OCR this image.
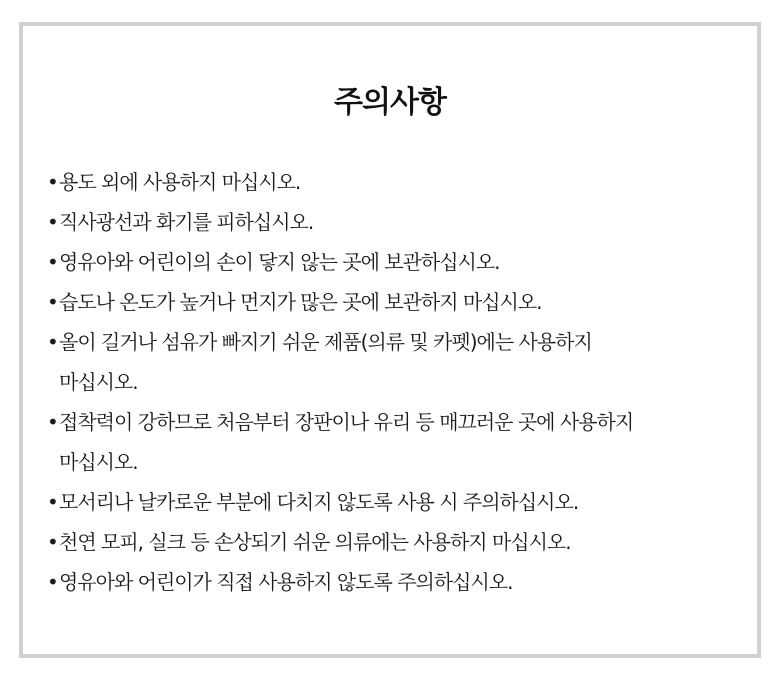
주의사항
• 용도 외에 사용하지 마십시오.
• 직사광선과 화기를 피하십시오.
• 영유아와 어린이의 손이 닿지 않는 곳에 보관하십시오.
• 습도나 온도가 높거나 먼지가 많은 곳에 보관하지 마십시오.
• 올이 길거나 섬유가 빠지기 쉬운 제품(의류 및 카펫)에는 사용하지
마십시오.
• 접착력이 강하므로 처음부터 장판이나 유리 등 매끄러운 곳에 사용하지
마십시오.
• 모서리나 날카로운 부분에 다치지 않도록 사용 시 주의하십시오.
• 천연 모피, 실크 등 손상되기 쉬운 의류에는 사용하지 마십시오.
• 영유아와 어린이가 직접 사용하지 않도록 주의하십시오.
